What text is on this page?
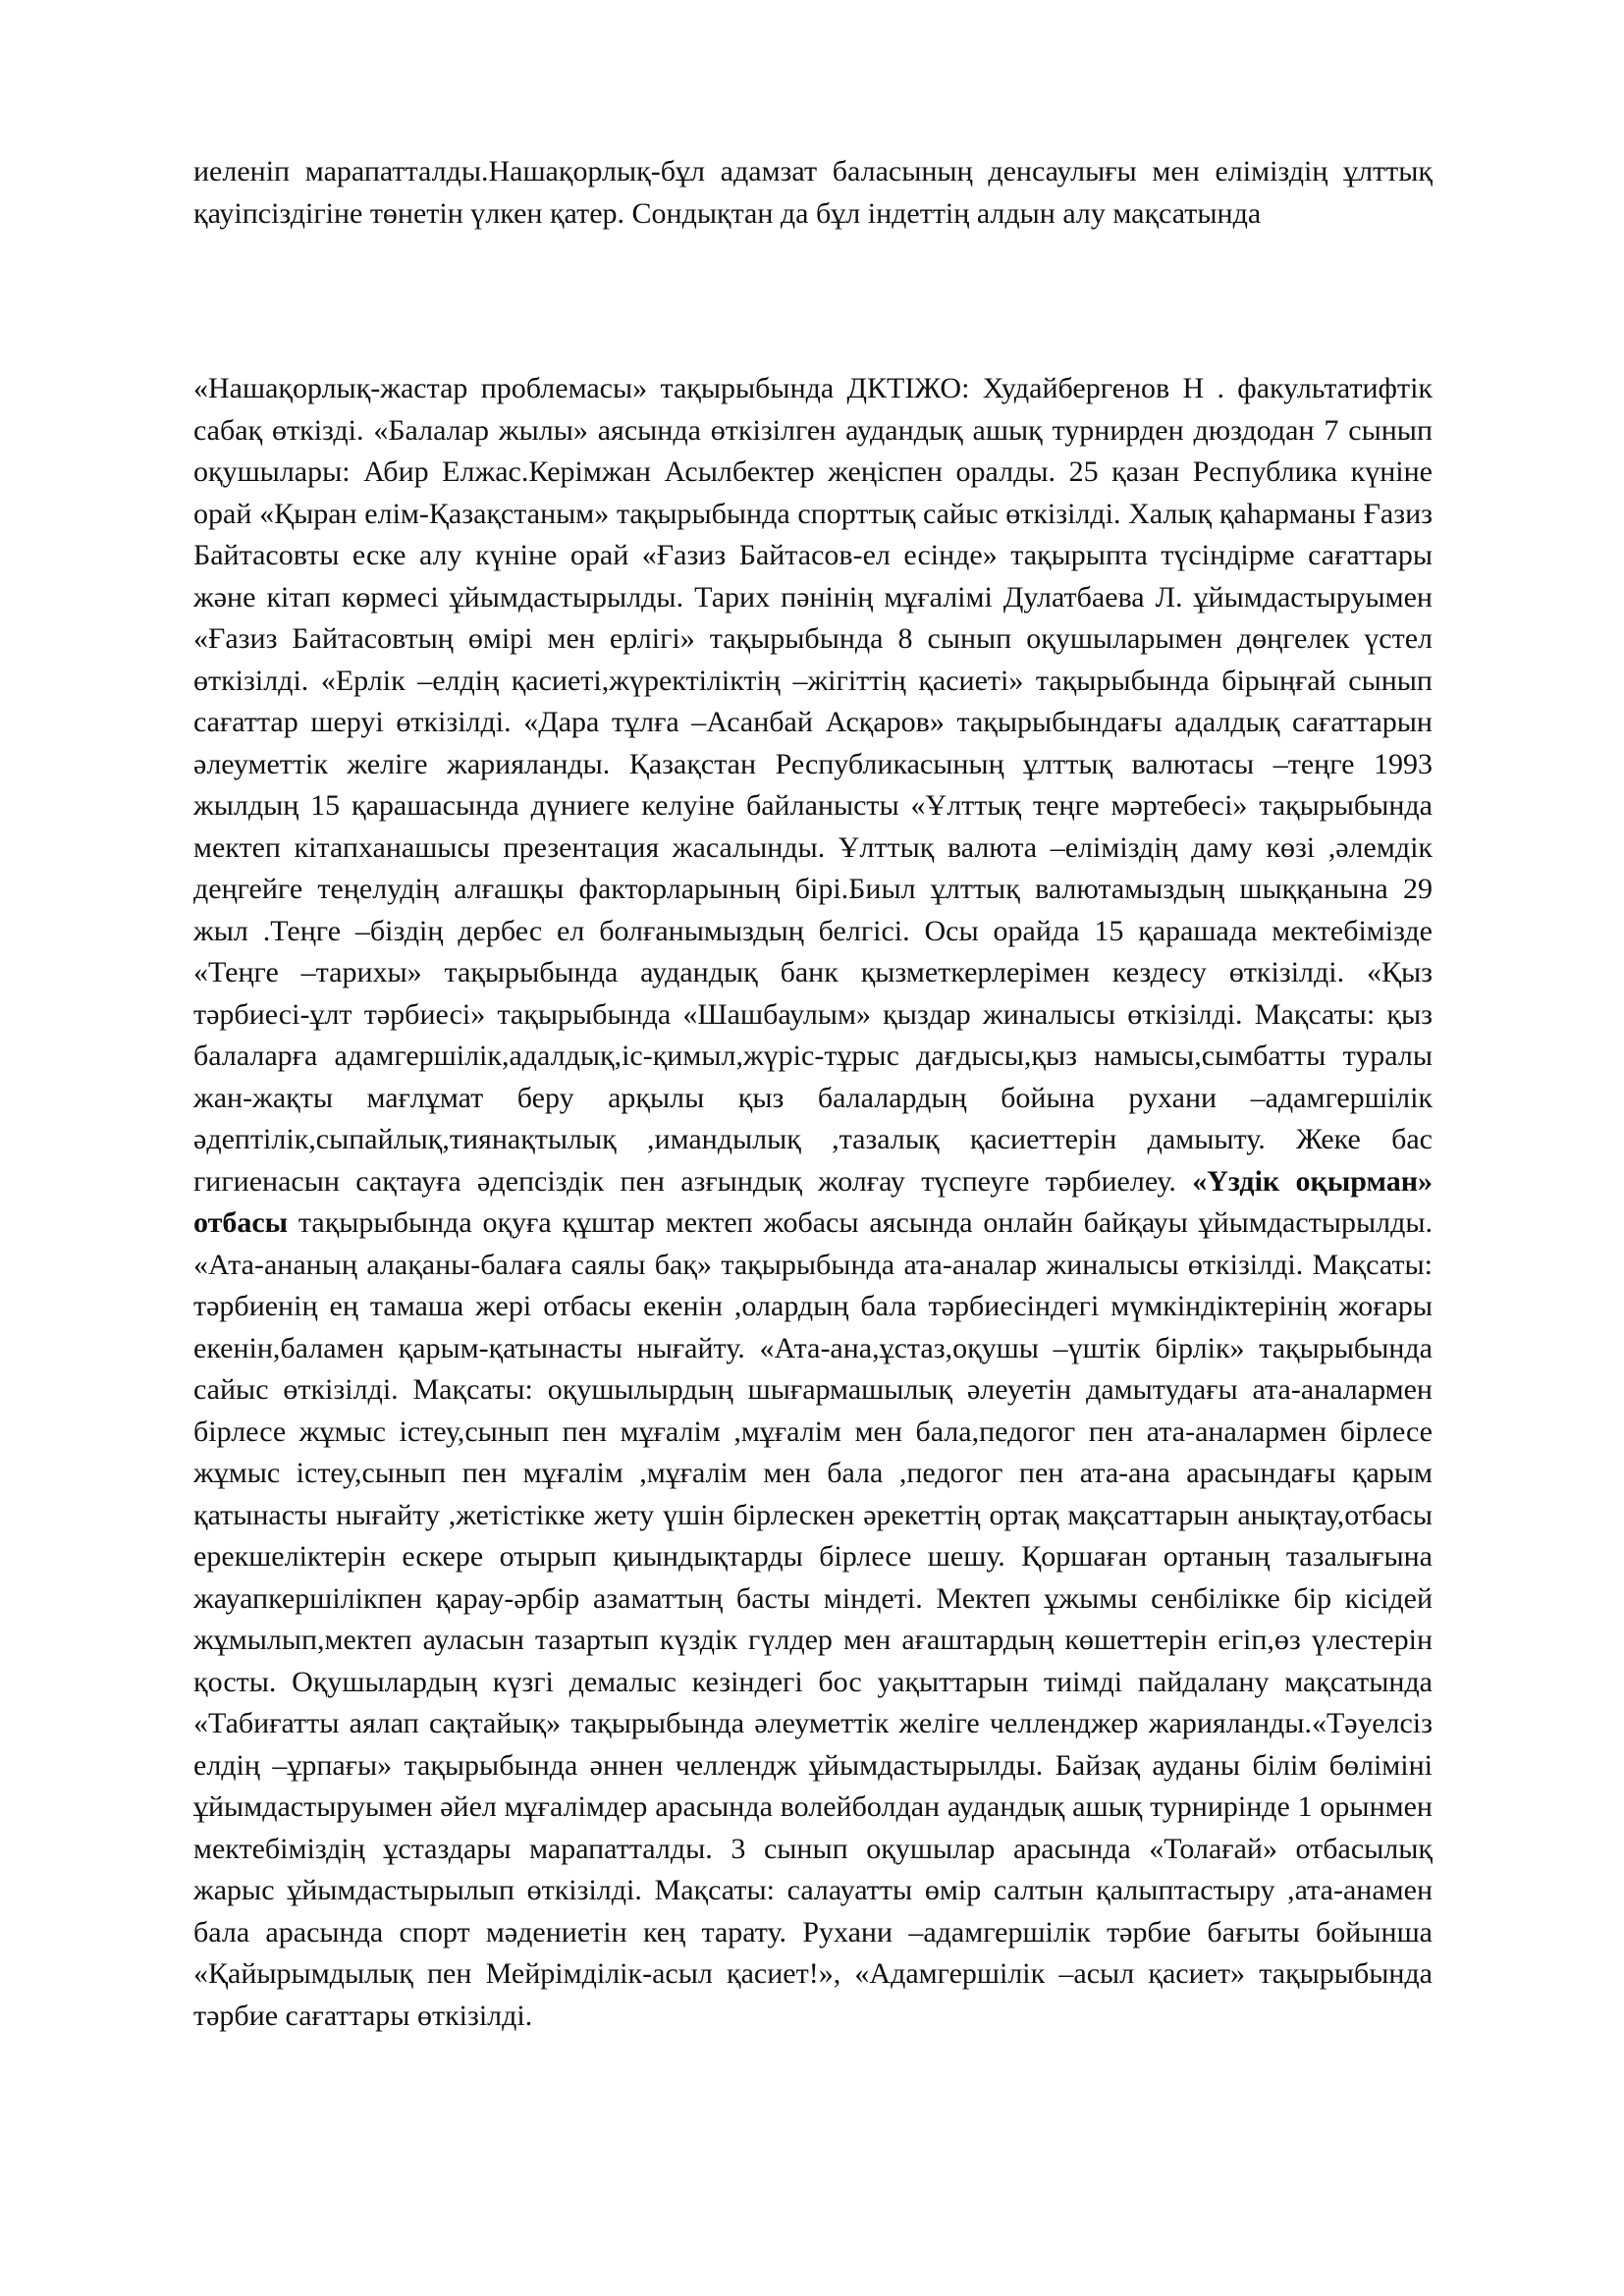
иеленіп марапатталды.Нашақорлық-бұл адамзат баласының денсаулығы мен еліміздің ұлттық қауіпсіздігіне төнетін үлкен қатер. Сондықтан да бұл індеттің алдын алу мақсатында

«Нашақорлық-жастар проблемасы» тақырыбында ДКТІЖО: Худайбергенов Н . факультатифтік сабақ өткізді. «Балалар жылы» аясында өткізілген аудандық ашық турнирден дюздодан 7 сынып оқушылары: Абир Елжас.Керімжан Асылбектер жеңіспен оралды. 25 қазан Республика күніне орай «Қыран елім-Қазақстаным» тақырыбында спорттық сайыс өткізілді. Халық қаһарманы Ғазиз Байтасовты еске алу күніне орай «Ғазиз Байтасов-ел есінде» тақырыпта түсіндірме сағаттары және кітап көрмесі ұйымдастырылды. Тарих пәнінің мұғалімі Дулатбаева Л. ұйымдастыруымен «Ғазиз Байтасовтың өмірі мен ерлігі» тақырыбында 8 сынып оқушыларымен дөңгелек үстел өткізілді. «Ерлік –елдің қасиеті,жүректіліктің –жігіттің қасиеті» тақырыбында бірыңғай сынып сағаттар шеруі өткізілді. «Дара тұлға –Асанбай Асқаров» тақырыбындағы адалдық сағаттарын әлеуметтік желіге жарияланды. Қазақстан Республикасының ұлттық валютасы –теңге 1993 жылдың 15 қарашасында дүниеге келуіне байланысты «Ұлттық теңге мәртебесі» тақырыбында мектеп кітапханашысы презентация жасалынды. Ұлттық валюта –еліміздің даму көзі ,әлемдік деңгейге теңелудің алғашқы факторларының бірі.Биыл ұлттық валютамыздың шыққанына 29 жыл .Теңге –біздің дербес ел болғанымыздың белгісі. Осы орайда 15 қарашада мектебімізде «Теңге –тарихы» тақырыбында аудандық банк қызметкерлерімен кездесу өткізілді. «Қыз тәрбиесі-ұлт тәрбиесі» тақырыбында «Шашбаулым» қыздар жиналысы өткізілді. Мақсаты: қыз балаларға адамгершілік,адалдық,іс-қимыл,жүріс-тұрыс дағдысы,қыз намысы,сымбатты туралы жан-жақты мағлұмат беру арқылы қыз балалардың бойына рухани –адамгершілік әдептілік,сыпайлық,тиянақтылық ,имандылық ,тазалық қасиеттерін дамыыту. Жеке бас гигиенасын сақтауға әдепсіздік пен азғындық жолғау түспеуге тәрбиелеу. «Үздік оқырман» отбасы тақырыбында оқуға құштар мектеп жобасы аясында онлайн байқауы ұйымдастырылды. «Ата-ананың алақаны-балаға саялы бақ» тақырыбында ата-аналар жиналысы өткізілді. Мақсаты: тәрбиенің ең тамаша жері отбасы екенін ,олардың бала тәрбиесіндегі мүмкіндіктерінің жоғары екенін,баламен қарым-қатынасты нығайту. «Ата-ана,ұстаз,оқушы –үштік бірлік» тақырыбында сайыс өткізілді. Мақсаты: оқушылырдың шығармашылық әлеуетін дамытудағы ата-аналармен бірлесе жұмыс істеу,сынып пен мұғалім ,мұғалім мен бала,педогог пен ата-аналармен бірлесе жұмыс істеу,сынып пен мұғалім ,мұғалім мен бала ,педогог пен ата-ана арасындағы қарым қатынасты нығайту ,жетістікке жету үшін бірлескен әрекеттің ортақ мақсаттарын анықтау,отбасы ерекшеліктерін ескере отырып қиындықтарды бірлесе шешу. Қоршаған ортаның тазалығына жауапкершілікпен қарау-әрбір азаматтың басты міндеті. Мектеп ұжымы сенбілікке бір кісідей жұмылып,мектеп ауласын тазартып күздік гүлдер мен ағаштардың көшеттерін егіп,өз үлестерін қосты. Оқушылардың күзгі демалыс кезіндегі бос уақыттарын тиімді пайдалану мақсатында «Табиғатты аялап сақтайық» тақырыбында әлеуметтік желіге челленджер жарияланды.«Тәуелсіз елдің –ұрпағы» тақырыбында әннен челлендж ұйымдастырылды. Байзақ ауданы білім бөліміні ұйымдастыруымен әйел мұғалімдер арасында волейболдан аудандық ашық турнирінде 1 орынмен мектебіміздің ұстаздары марапатталды. 3 сынып оқушылар арасында «Толағай» отбасылық жарыс ұйымдастырылып өткізілді. Мақсаты: салауатты өмір салтын қалыптастыру ,ата-анамен бала арасында спорт мәдениетін кең тарату. Рухани –адамгершілік тәрбие бағыты бойынша «Қайырымдылық пен Мейрімділік-асыл қасиет!», «Адамгершілік –асыл қасиет» тақырыбында тәрбие сағаттары өткізілді.
